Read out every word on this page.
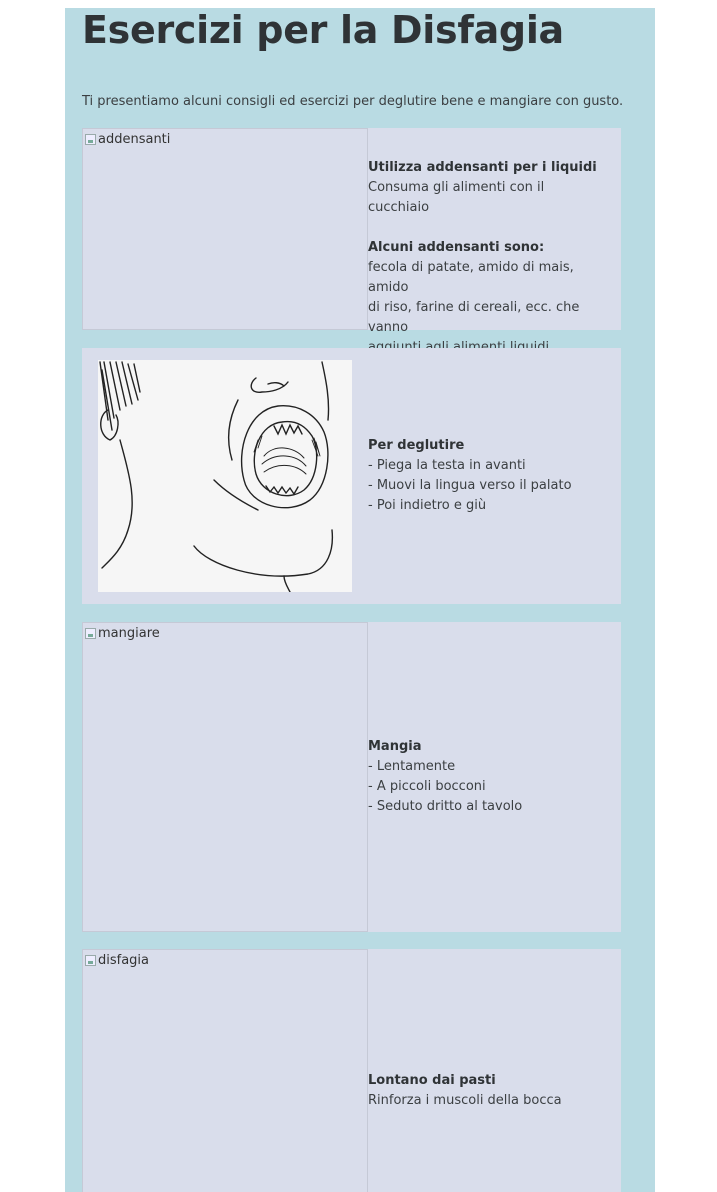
Esercizi per la Disfagia

Ti presentiamo alcuni consigli ed esercizi per deglutire bene e mangiare con gusto.

addensanti
Utilizza addensanti per i liquidi
Consuma gli alimenti con il cucchiaio
Alcuni addensanti sono:
fecola di patate, amido di mais, amido
di riso, farine di cereali, ecc. che vanno
Per deglutire
- Piega la testa in avanti
- Muovi la lingua verso il palato
- Poi indietro e giù
mangiare
Mangia
- Lentamente
- A piccoli bocconi
- Seduto dritto al tavolo
disfagia
Lontano dai pasti
Rinforza i muscoli della bocca
